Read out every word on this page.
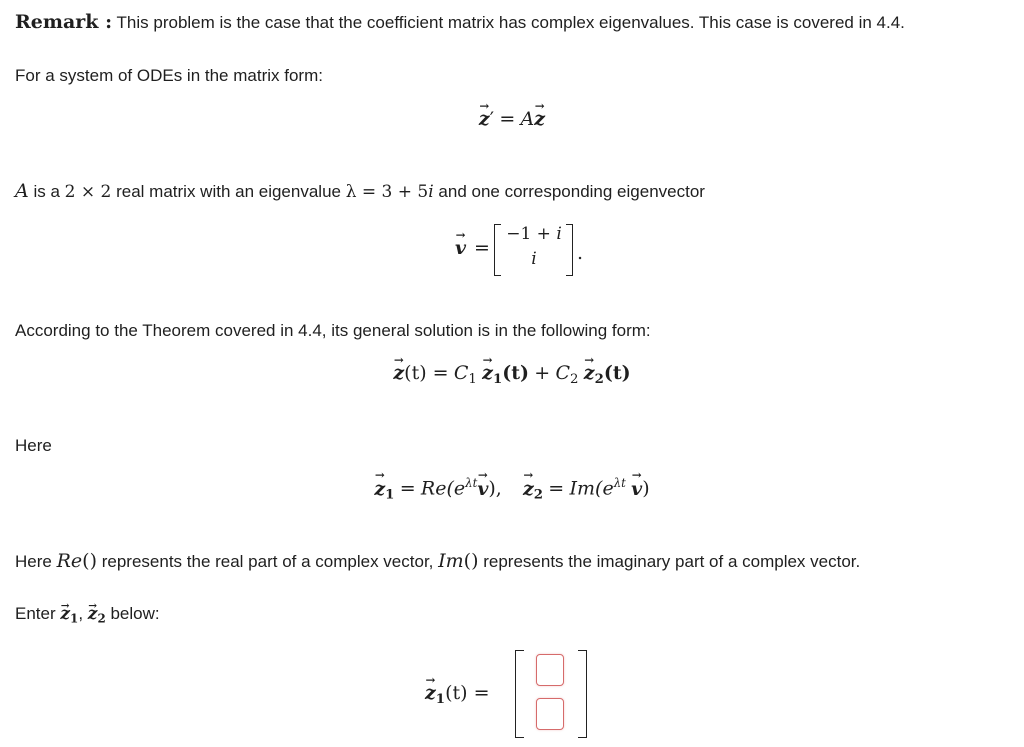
Remark : This problem is the case that the coefficient matrix has complex eigenvalues. This case is covered in 4.4.
For a system of ODEs in the matrix form:
→ z′ = A→ z
A is a 2 × 2 real matrix with an eigenvalue λ = 3 + 5i and one corresponding eigenvector
→ v =
−1 + i
i	.
According to the Theorem covered in 4.4, its general solution is in the following form:
→ $z(t) = C_1 \to z_1(t) + C_2 \to z_2(t)$
Here
→ $z_1 = Re(e^{\lambda t}\to v)$, → $z_2 = Im(e^{\lambda t} \to v)$
Here Re() represents the real part of a complex vector, Im() represents the imaginary part of a complex vector.
Enter → $z_1$, → $z_2$ below:
→ $z_1(t)$ =
